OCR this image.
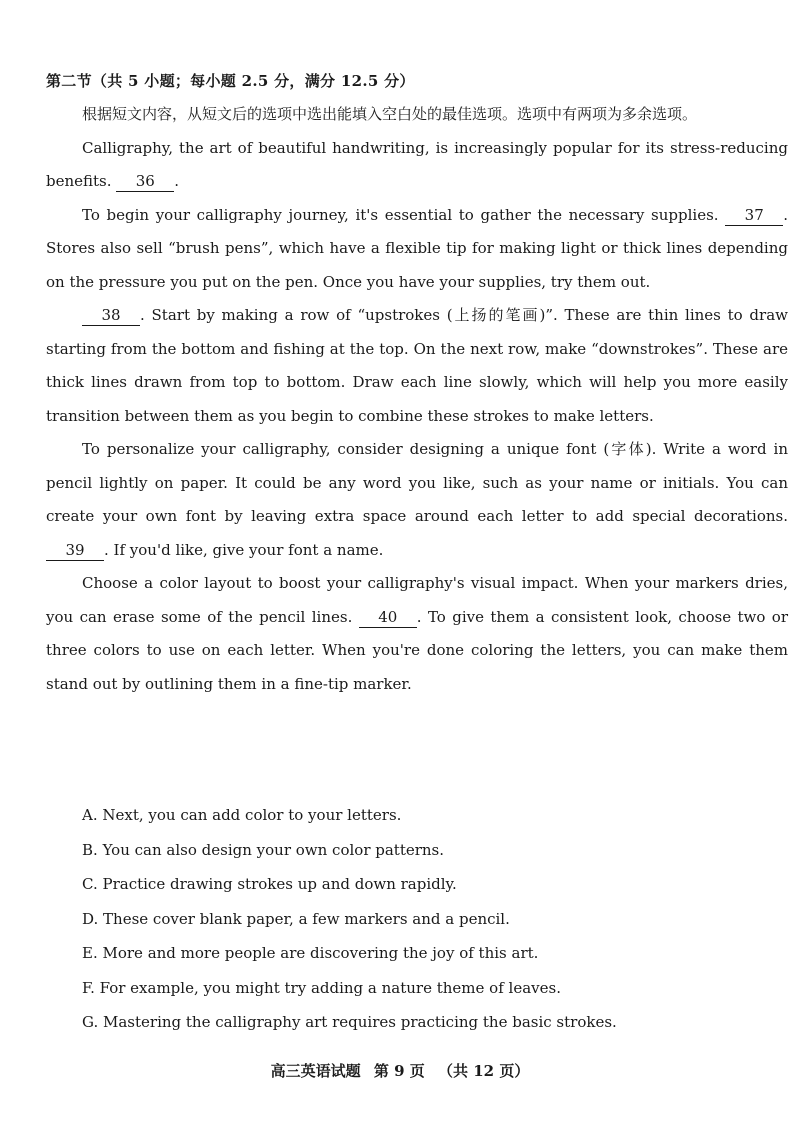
第二节（共 5 小题；每小题 2.5 分，满分 12.5 分）

根据短文内容，从短文后的选项中选出能填入空白处的最佳选项。选项中有两项为多余选项。

Calligraphy, the art of beautiful handwriting, is increasingly popular for its stress-reducing benefits. 36 .

To begin your calligraphy journey, it's essential to gather the necessary supplies. 37 . Stores also sell “brush pens”, which have a flexible tip for making light or thick lines depending on the pressure you put on the pen. Once you have your supplies, try them out.

38 . Start by making a row of “upstrokes (上扬的笔画)”. These are thin lines to draw starting from the bottom and fishing at the top. On the next row, make “downstrokes”. These are thick lines drawn from top to bottom. Draw each line slowly, which will help you more easily transition between them as you begin to combine these strokes to make letters.

To personalize your calligraphy, consider designing a unique font (字体). Write a word in pencil lightly on paper. It could be any word you like, such as your name or initials. You can create your own font by leaving extra space around each letter to add special decorations. 39 . If you'd like, give your font a name.

Choose a color layout to boost your calligraphy's visual impact. When your markers dries, you can erase some of the pencil lines. 40 . To give them a consistent look, choose two or three colors to use on each letter. When you're done coloring the letters, you can make them stand out by outlining them in a fine-tip marker.

A. Next, you can add color to your letters.
B. You can also design your own color patterns.
C. Practice drawing strokes up and down rapidly.
D. These cover blank paper, a few markers and a pencil.
E. More and more people are discovering the joy of this art.
F. For example, you might try adding a nature theme of leaves.
G. Mastering the calligraphy art requires practicing the basic strokes.
高三英语试题 第 9 页 （共 12 页）
